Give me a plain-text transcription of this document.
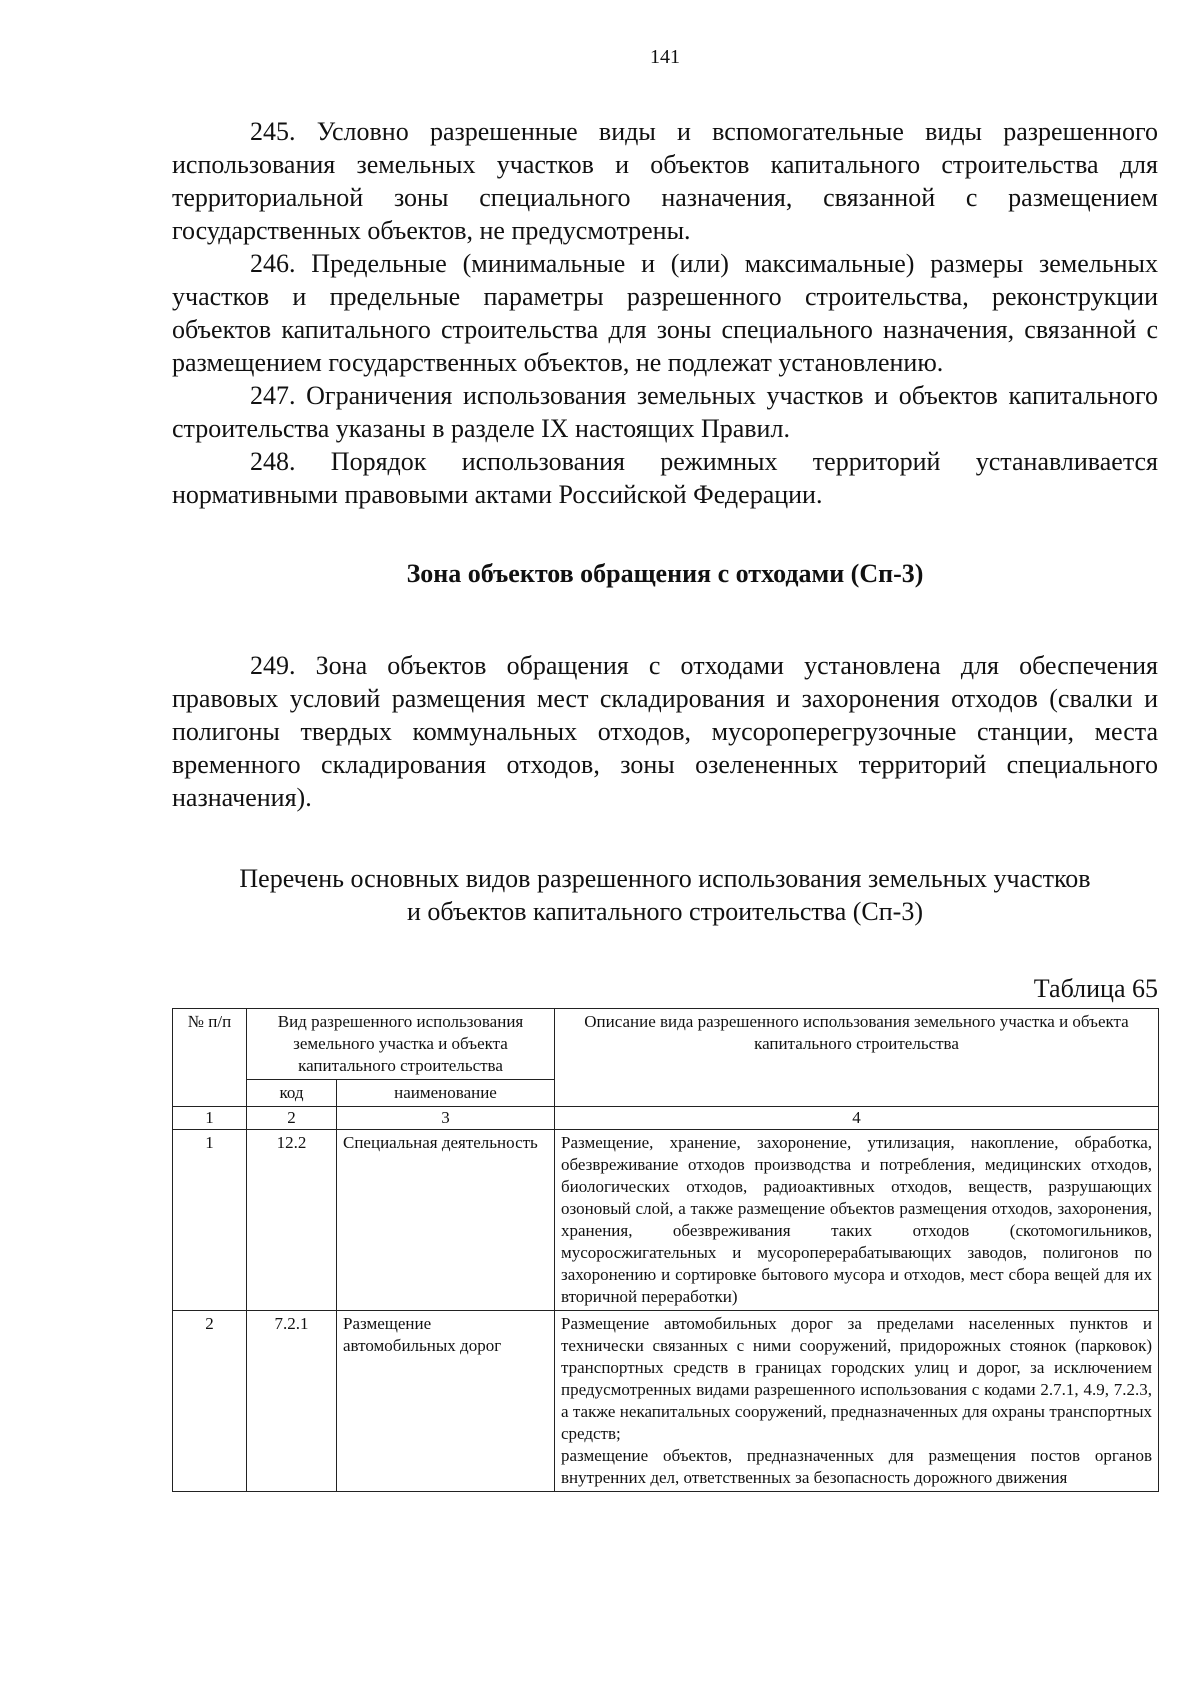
141

245. Условно разрешенные виды и вспомогательные виды разрешенного использования земельных участков и объектов капитального строительства для территориальной зоны специального назначения, связанной с размещением государственных объектов, не предусмотрены.

246. Предельные (минимальные и (или) максимальные) размеры земельных участков и предельные параметры разрешенного строительства, реконструкции объектов капитального строительства для зоны специального назначения, связанной с размещением государственных объектов, не подлежат установлению.

247. Ограничения использования земельных участков и объектов капитального строительства указаны в разделе IX настоящих Правил.

248. Порядок использования режимных территорий устанавливается нормативными правовыми актами Российской Федерации.

Зона объектов обращения с отходами (Сп-3)

249. Зона объектов обращения с отходами установлена для обеспечения правовых условий размещения мест складирования и захоронения отходов (свалки и полигоны твердых коммунальных отходов, мусороперегрузочные станции, места временного складирования отходов, зоны озелененных территорий специального назначения).

Перечень основных видов разрешенного использования земельных участков
и объектов капитального строительства (Сп-3)
Таблица 65
№ п/п	Вид разрешенного использования земельного участка и объекта капитального строительства		Описание вида разрешенного использования земельного участка и объекта капитального строительства
	код	наименование	
1	2	3	4
1	12.2	Специальная деятельность	Размещение, хранение, захоронение, утилизация, накопление, обработка, обезвреживание отходов производства и потребления, медицинских отходов, биологических отходов, радиоактивных отходов, веществ, разрушающих озоновый слой, а также размещение объектов размещения отходов, захоронения, хранения, обезвреживания таких отходов (скотомогильников, мусоросжигательных и мусороперерабатывающих заводов, полигонов по захоронению и сортировке бытового мусора и отходов, мест сбора вещей для их вторичной переработки)
2	7.2.1	Размещение автомобильных дорог	Размещение автомобильных дорог за пределами населенных пунктов и технически связанных с ними сооружений, придорожных стоянок (парковок) транспортных средств в границах городских улиц и дорог, за исключением предусмотренных видами разрешенного использования с кодами 2.7.1, 4.9, 7.2.3, а также некапитальных сооружений, предназначенных для охраны транспортных средств;
размещение объектов, предназначенных для размещения постов органов внутренних дел, ответственных за безопасность дорожного движения
